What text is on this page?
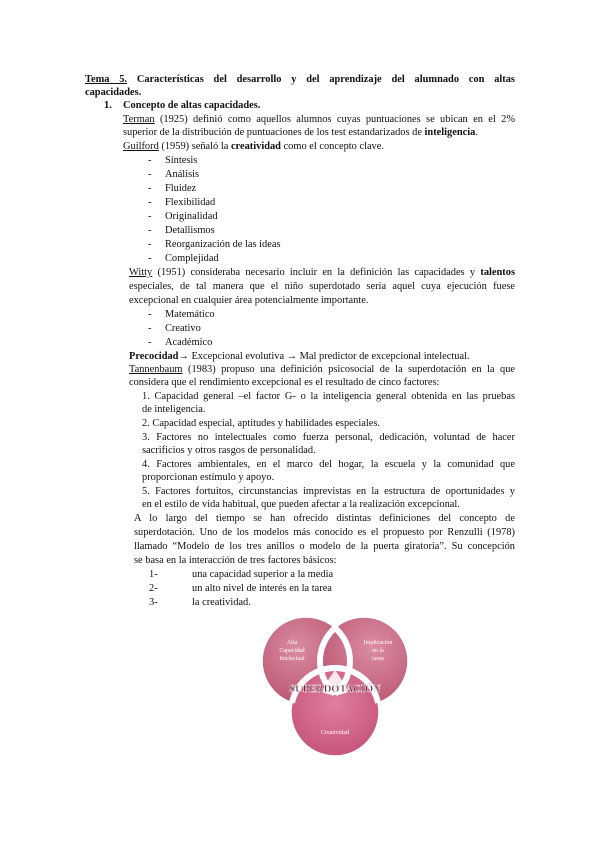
Tema 5. Características del desarrollo y del aprendizaje del alumnado con altas
capacidades.
1. Concepto de altas capacidades.
Terman (1925) definió como aquellos alumnos cuyas puntuaciones se ubican en el 2%
superior de la distribución de puntuaciones de los test estandarizados de inteligencia.
Guilford (1959) señaló la creatividad como el concepto clave.
- Síntesis
- Análisis
- Fluidez
- Flexibilidad
- Originalidad
- Detallismos
- Reorganización de las ideas
- Complejidad
Witty (1951) consideraba necesario incluir en la definición las capacidades y talentos
especiales, de tal manera que el niño superdotado sería aquel cuya ejecución fuese
excepcional en cualquier área potencialmente importante.
- Matemático
- Creativo
- Académico
Precocidad→ Excepcional evolutiva → Mal predictor de excepcional intelectual.
Tannenbaum (1983) propuso una definición psicosocial de la superdotación en la que
considera que el rendimiento excepcional es el resultado de cinco factores:
1. Capacidad general –el factor G- o la inteligencia general obtenida en las pruebas
de inteligencia.
2. Capacidad especial, aptitudes y habilidades especiales.
3. Factores no intelectuales como fuerza personal, dedicación, voluntad de hacer
sacrificios y otros rasgos de personalidad.
4. Factores ambientales, en el marco del hogar, la escuela y la comunidad que
proporcionan estímulo y apoyo.
5. Factores fortuitos, circunstancias imprevistas en la estructura de oportunidades y
en el estilo de vida habitual, que pueden afectar a la realización excepcional.
A lo largo del tiempo se han ofrecido distintas definiciones del concepto de
superdotación. Uno de los modelos más conocido es el propuesto por Renzulli (1978)
llamado “Modelo de los tres anillos o modelo de la puerta giratoria”. Su concepción
se basa en la interacción de tres factores básicos:
1-	una capacidad superior a la media
2-	un alto nivel de interés en la tarea
3-	la creatividad.
Alta
Capacidad
Intelectual
Implicación
en la
tarea
Creatividad
SUPERDOTACIÓN
